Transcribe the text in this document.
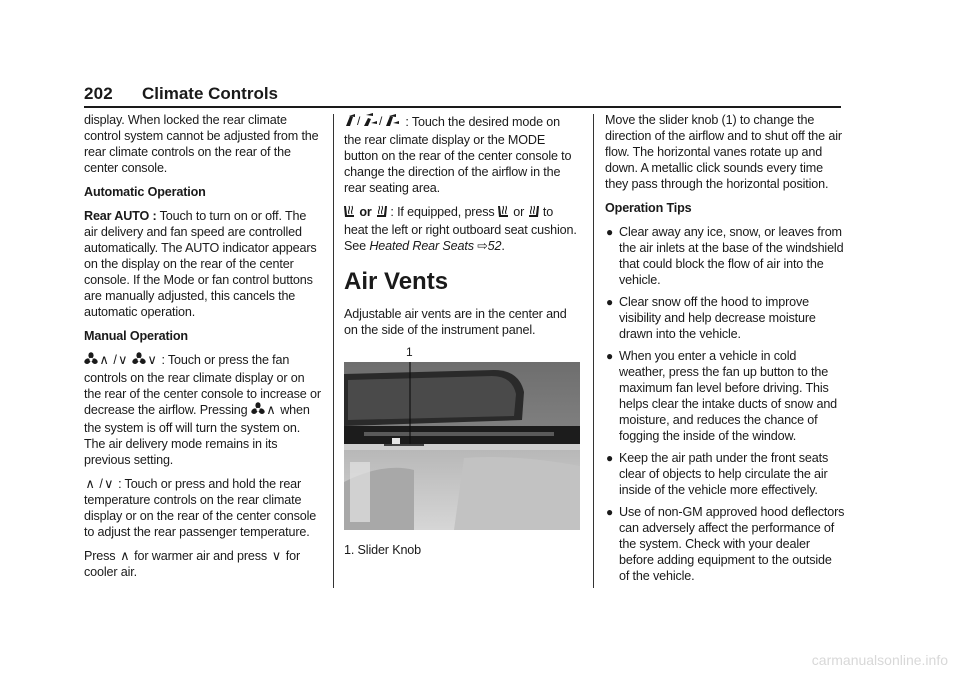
202 Climate Controls

display. When locked the rear climate control system cannot be adjusted from the rear climate controls on the rear of the center console.

Automatic Operation

Rear AUTO : Touch to turn on or off. The air delivery and fan speed are controlled automatically. The AUTO indicator appears on the display on the rear of the center console. If the Mode or fan control buttons are manually adjusted, this cancels the automatic operation.

Manual Operation

∧ /∨ ∨ : Touch or press the fan controls on the rear climate display or on the rear of the center console to increase or decrease the airflow. Pressing ∧ when the system is off will turn the system on. The air delivery mode remains in its previous setting.

∧ /∨ : Touch or press and hold the rear temperature controls on the rear climate display or on the rear of the center console to adjust the rear passenger temperature.

Press ∧ for warmer air and press ∨ for cooler air.

/ / : Touch the desired mode on the rear climate display or the MODE button on the rear of the center console to change the direction of the airflow in the rear seating area.

or : If equipped, press or to heat the left or right outboard seat cushion. See Heated Rear Seats ⇨52.

Air Vents

Adjustable air vents are in the center and on the side of the instrument panel.

1
1. Slider Knob

Move the slider knob (1) to change the direction of the airflow and to shut off the air flow. The horizontal vanes rotate up and down. A metallic click sounds every time they pass through the horizontal position.

Operation Tips

● Clear away any ice, snow, or leaves from the air inlets at the base of the windshield that could block the flow of air into the vehicle.
● Clear snow off the hood to improve visibility and help decrease moisture drawn into the vehicle.
● When you enter a vehicle in cold weather, press the fan up button to the maximum fan level before driving. This helps clear the intake ducts of snow and moisture, and reduces the chance of fogging the inside of the window.
● Keep the air path under the front seats clear of objects to help circulate the air inside of the vehicle more effectively.
● Use of non-GM approved hood deflectors can adversely affect the performance of the system. Check with your dealer before adding equipment to the outside of the vehicle.
carmanualsonline.info
